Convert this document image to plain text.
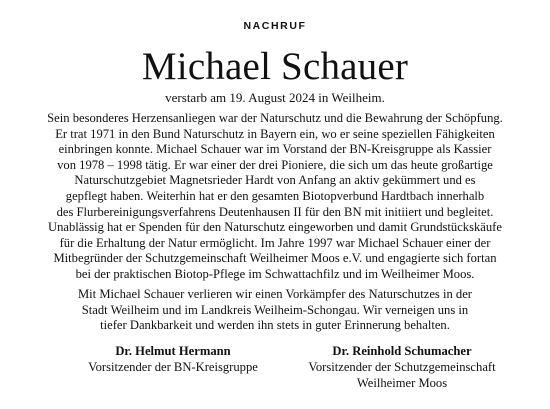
NACHRUF
Michael Schauer
verstarb am 19. August 2024 in Weilheim.
Sein besonderes Herzensanliegen war der Naturschutz und die Bewahrung der Schöpfung.
Er trat 1971 in den Bund Naturschutz in Bayern ein, wo er seine speziellen Fähigkeiten
einbringen konnte. Michael Schauer war im Vorstand der BN-Kreisgruppe als Kassier
von 1978 – 1998 tätig. Er war einer der drei Pioniere, die sich um das heute großartige
Naturschutzgebiet Magnetsrieder Hardt von Anfang an aktiv gekümmert und es
gepflegt haben. Weiterhin hat er den gesamten Biotopverbund Hardtbach innerhalb
des Flurbereinigungsverfahrens Deutenhausen II für den BN mit initiiert und begleitet.
Unablässig hat er Spenden für den Naturschutz eingeworben und damit Grundstückskäufe
für die Erhaltung der Natur ermöglicht. Im Jahre 1997 war Michael Schauer einer der
Mitbegründer der Schutzgemeinschaft Weilheimer Moos e.V. und engagierte sich fortan
bei der praktischen Biotop-Pflege im Schwattachfilz und im Weilheimer Moos.
Mit Michael Schauer verlieren wir einen Vorkämpfer des Naturschutzes in der
Stadt Weilheim und im Landkreis Weilheim-Schongau. Wir verneigen uns in
tiefer Dankbarkeit und werden ihn stets in guter Erinnerung behalten.
Dr. Helmut Hermann
Vorsitzender der BN-Kreisgruppe
Dr. Reinhold Schumacher
Vorsitzender der Schutzgemeinschaft
Weilheimer Moos
